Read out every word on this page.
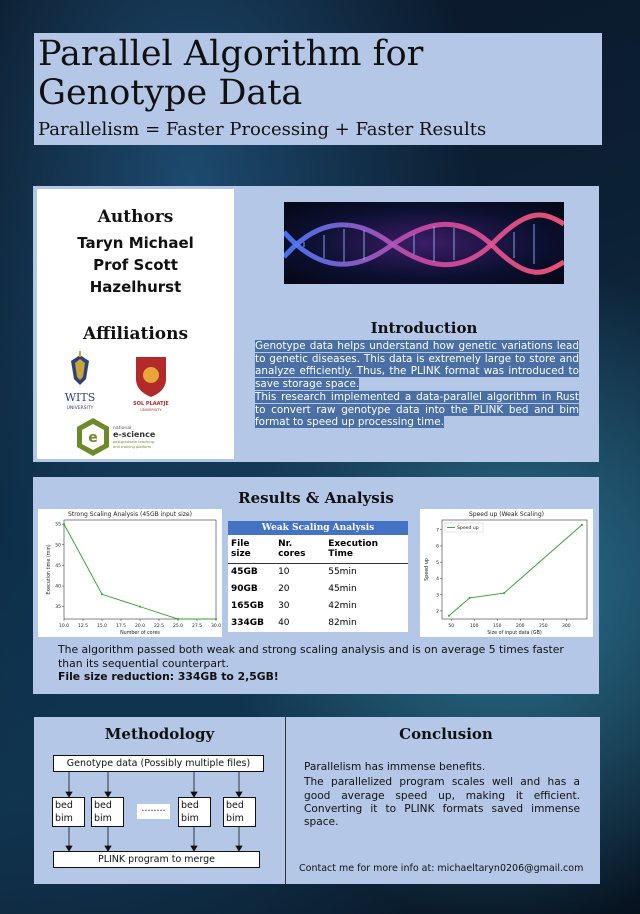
Parallel Algorithm for Genotype Data
Parallelism = Faster Processing + Faster Results
Authors
Taryn Michael
Prof Scott
Hazelhurst
Affiliations
WITS
UNIVERSITY
SOL PLAATJE
UNIVERSITY
e
national
e-science
postgraduate teaching
and training platform
Introduction
Genotype data helps understand how genetic variations lead to genetic diseases. This data is extremely large to store and analyze efficiently. Thus, the PLINK format was introduced to save storage space.
This research implemented a data-parallel algorithm in Rust to convert raw genotype data into the PLINK bed and bim format to speed up processing time.
Results & Analysis
Strong Scaling Analysis (45GB input size)
10.0 12.5 15.0 17.5 20.0 22.5 25.0 27.5 30.0
35
40
45
50
55
Number of cores
Execution time (min)
Weak Scaling Analysis
File size	Nr. cores	Execution Time
45GB	10	55min
90GB	20	45min
165GB	30	42min
334GB	40	82min
Speed up (Weak Scaling)
50	100	150	200	250	300
2
3
4
5
6
7
Size of input data (GB)
Speed up
Speed up
The algorithm passed both weak and strong scaling analysis and is on average 5 times faster than its sequential counterpart.
File size reduction: 334GB to 2,5GB!
Methodology
Genotype data (Possibly multiple files)
bed
bim
bed
bim
........	bed
bim
bed
bim
PLINK program to merge
Conclusion
Parallelism has immense benefits.
The parallelized program scales well and has a good average speed up, making it efficient. Converting it to PLINK formats saved immense space.
Contact me for more info at: michaeltaryn0206@gmail.com
